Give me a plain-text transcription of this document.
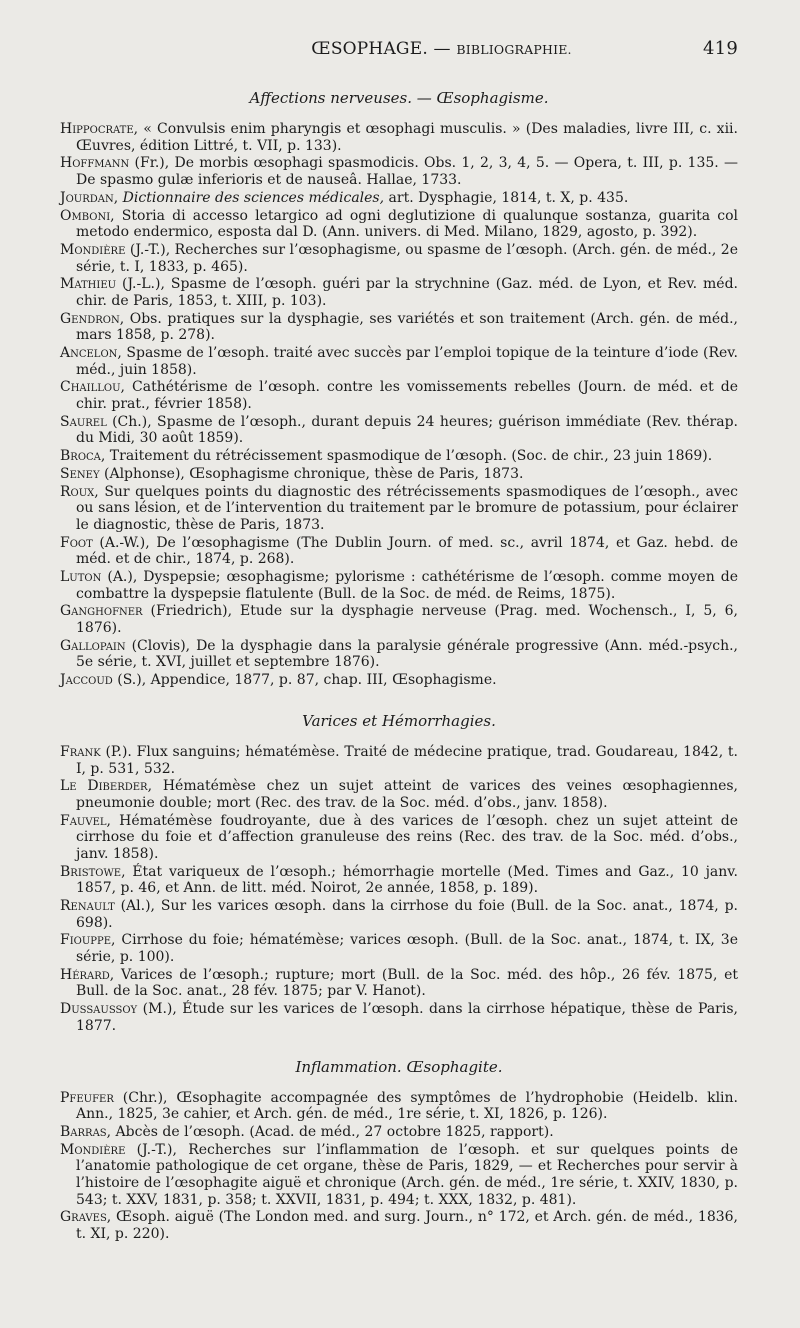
ŒSOPHAGE. — BIBLIOGRAPHIE.	419
Affections nerveuses. — Œsophagisme.

Hippocrate, « Convulsis enim pharyngis et œsophagi musculis. » (Des maladies, livre III, c. xii. Œuvres, édition Littré, t. VII, p. 133).

Hoffmann (Fr.), De morbis œsophagi spasmodicis. Obs. 1, 2, 3, 4, 5. — Opera, t. III, p. 135. — De spasmo gulæ inferioris et de nauseâ. Hallae, 1733.

Jourdan, Dictionnaire des sciences médicales, art. Dysphagie, 1814, t. X, p. 435.

Omboni, Storia di accesso letargico ad ogni deglutizione di qualunque sostanza, guarita col metodo endermico, esposta dal D. (Ann. univers. di Med. Milano, 1829, agosto, p. 392).

Mondière (J.-T.), Recherches sur l’œsophagisme, ou spasme de l’œsoph. (Arch. gén. de méd., 2e série, t. I, 1833, p. 465).

Mathieu (J.-L.), Spasme de l’œsoph. guéri par la strychnine (Gaz. méd. de Lyon, et Rev. méd. chir. de Paris, 1853, t. XIII, p. 103).

Gendron, Obs. pratiques sur la dysphagie, ses variétés et son traitement (Arch. gén. de méd., mars 1858, p. 278).

Ancelon, Spasme de l’œsoph. traité avec succès par l’emploi topique de la teinture d’iode (Rev. méd., juin 1858).

Chaillou, Cathétérisme de l’œsoph. contre les vomissements rebelles (Journ. de méd. et de chir. prat., février 1858).

Saurel (Ch.), Spasme de l’œsoph., durant depuis 24 heures; guérison immédiate (Rev. thérap. du Midi, 30 août 1859).

Broca, Traitement du rétrécissement spasmodique de l’œsoph. (Soc. de chir., 23 juin 1869).

Seney (Alphonse), Œsophagisme chronique, thèse de Paris, 1873.

Roux, Sur quelques points du diagnostic des rétrécissements spasmodiques de l’œsoph., avec ou sans lésion, et de l’intervention du traitement par le bromure de potassium, pour éclairer le diagnostic, thèse de Paris, 1873.

Foot (A.-W.), De l’œsophagisme (The Dublin Journ. of med. sc., avril 1874, et Gaz. hebd. de méd. et de chir., 1874, p. 268).

Luton (A.), Dyspepsie; œsophagisme; pylorisme : cathétérisme de l’œsoph. comme moyen de combattre la dyspepsie flatulente (Bull. de la Soc. de méd. de Reims, 1875).

Ganghofner (Friedrich), Etude sur la dysphagie nerveuse (Prag. med. Wochensch., I, 5, 6, 1876).

Gallopain (Clovis), De la dysphagie dans la paralysie générale progressive (Ann. méd.-psych., 5e série, t. XVI, juillet et septembre 1876).

Jaccoud (S.), Appendice, 1877, p. 87, chap. III, Œsophagisme.

Varices et Hémorrhagies.

Frank (P.). Flux sanguins; hématémèse. Traité de médecine pratique, trad. Goudareau, 1842, t. I, p. 531, 532.

Le Diberder, Hématémèse chez un sujet atteint de varices des veines œsophagiennes, pneumonie double; mort (Rec. des trav. de la Soc. méd. d’obs., janv. 1858).

Fauvel, Hématémèse foudroyante, due à des varices de l’œsoph. chez un sujet atteint de cirrhose du foie et d’affection granuleuse des reins (Rec. des trav. de la Soc. méd. d’obs., janv. 1858).

Bristowe, État variqueux de l’œsoph.; hémorrhagie mortelle (Med. Times and Gaz., 10 janv. 1857, p. 46, et Ann. de litt. méd. Noirot, 2e année, 1858, p. 189).

Renault (Al.), Sur les varices œsoph. dans la cirrhose du foie (Bull. de la Soc. anat., 1874, p. 698).

Fiouppe, Cirrhose du foie; hématémèse; varices œsoph. (Bull. de la Soc. anat., 1874, t. IX, 3e série, p. 100).

Hérard, Varices de l’œsoph.; rupture; mort (Bull. de la Soc. méd. des hôp., 26 fév. 1875, et Bull. de la Soc. anat., 28 fév. 1875; par V. Hanot).

Dussaussoy (M.), Étude sur les varices de l’œsoph. dans la cirrhose hépatique, thèse de Paris, 1877.

Inflammation. Œsophagite.

Pfeufer (Chr.), Œsophagite accompagnée des symptômes de l’hydrophobie (Heidelb. klin. Ann., 1825, 3e cahier, et Arch. gén. de méd., 1re série, t. XI, 1826, p. 126).

Barras, Abcès de l’œsoph. (Acad. de méd., 27 octobre 1825, rapport).

Mondière (J.-T.), Recherches sur l’inflammation de l’œsoph. et sur quelques points de l’anatomie pathologique de cet organe, thèse de Paris, 1829, — et Recherches pour servir à l’histoire de l’œsophagite aiguë et chronique (Arch. gén. de méd., 1re série, t. XXIV, 1830, p. 543; t. XXV, 1831, p. 358; t. XXVII, 1831, p. 494; t. XXX, 1832, p. 481).

Graves, Œsoph. aiguë (The London med. and surg. Journ., n° 172, et Arch. gén. de méd., 1836, t. XI, p. 220).
